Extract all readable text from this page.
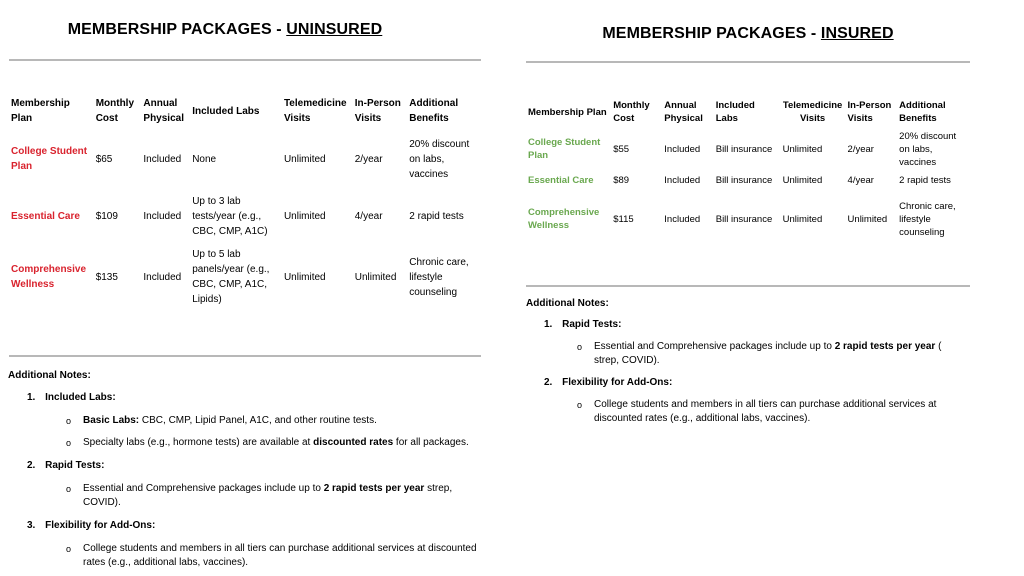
MEMBERSHIP PACKAGES - UNINSURED
Membership Plan	Monthly Cost	Annual Physical	Included Labs	Telemedicine Visits	In-Person Visits	Additional Benefits
College Student Plan	$65	Included	None	Unlimited	2/year	20% discount on labs, vaccines
Essential Care	$109	Included	Up to 3 lab tests/year (e.g., CBC, CMP, A1C)	Unlimited	4/year	2 rapid tests
Comprehensive Wellness	$135	Included	Up to 5 lab panels/year (e.g., CBC, CMP, A1C, Lipids)	Unlimited	Unlimited	Chronic care, lifestyle counseling
Additional Notes:
1. Included Labs:
o Basic Labs: CBC, CMP, Lipid Panel, A1C, and other routine tests.
o Specialty labs (e.g., hormone tests) are available at discounted rates for all packages.
2. Rapid Tests:
o Essential and Comprehensive packages include up to 2 rapid tests per year strep, COVID).
3. Flexibility for Add-Ons:
o College students and members in all tiers can purchase additional services at discounted rates (e.g., additional labs, vaccines).
MEMBERSHIP PACKAGES - INSURED
Membership Plan	Monthly Cost	Annual Physical	Included Labs	Telemedicine Visits	In-Person Visits	Additional Benefits
College Student Plan	$55	Included	Bill insurance	Unlimited	2/year	20% discount on labs, vaccines
Essential Care	$89	Included	Bill insurance	Unlimited	4/year	2 rapid tests
Comprehensive Wellness	$115	Included	Bill insurance	Unlimited	Unlimited	Chronic care, lifestyle counseling
Additional Notes:
1. Rapid Tests:
o Essential and Comprehensive packages include up to 2 rapid tests per year ( strep, COVID).
2. Flexibility for Add-Ons:
o College students and members in all tiers can purchase additional services at discounted rates (e.g., additional labs, vaccines).
